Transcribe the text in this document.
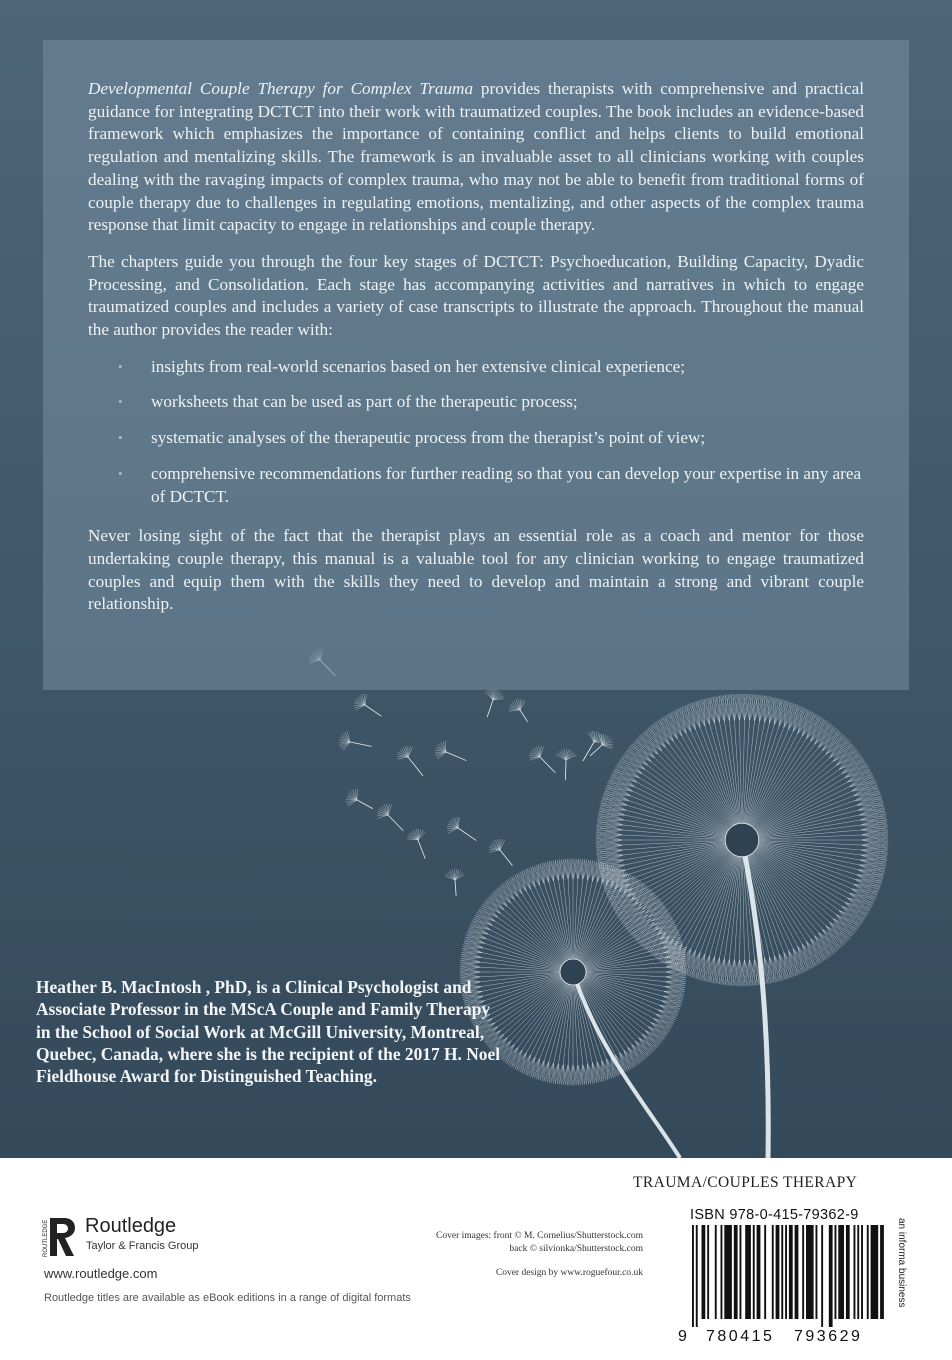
Developmental Couple Therapy for Complex Trauma provides therapists with comprehensive and practical guidance for integrating DCTCT into their work with traumatized couples. The book includes an evidence-based framework which emphasizes the importance of containing conflict and helps clients to build emotional regulation and mentalizing skills. The framework is an invaluable asset to all clinicians working with couples dealing with the ravaging impacts of complex trauma, who may not be able to benefit from traditional forms of couple therapy due to challenges in regulating emotions, mentalizing, and other aspects of the complex trauma response that limit capacity to engage in relationships and couple therapy.

The chapters guide you through the four key stages of DCTCT: Psychoeducation, Building Capacity, Dyadic Processing, and Consolidation. Each stage has accompanying activities and narratives in which to engage traumatized couples and includes a variety of case transcripts to illustrate the approach. Throughout the manual the author provides the reader with:

• insights from real-world scenarios based on her extensive clinical experience;
• worksheets that can be used as part of the therapeutic process;
• systematic analyses of the therapeutic process from the therapist’s point of view;
• comprehensive recommendations for further reading so that you can develop your expertise in any area of DCTCT.

Never losing sight of the fact that the therapist plays an essential role as a coach and mentor for those undertaking couple therapy, this manual is a valuable tool for any clinician working to engage traumatized couples and equip them with the skills they need to develop and maintain a strong and vibrant couple relationship.

Heather B. MacIntosh , PhD, is a Clinical Psychologist and Associate Professor in the MScA Couple and Family Therapy in the School of Social Work at McGill University, Montreal, Quebec, Canada, where she is the recipient of the 2017 H. Noel Fieldhouse Award for Distinguished Teaching.

TRAUMA/COUPLES THERAPY
ROUTLEDGE Routledge
Taylor & Francis Group
www.routledge.com
Routledge titles are available as eBook editions in a range of digital formats
Cover images: front © M. Cornelius/Shutterstock.com
back © silvionka/Shutterstock.com
Cover design by www.roguefour.co.uk
ISBN 978-0-415-79362-9
9 780415 793629
an informa business
